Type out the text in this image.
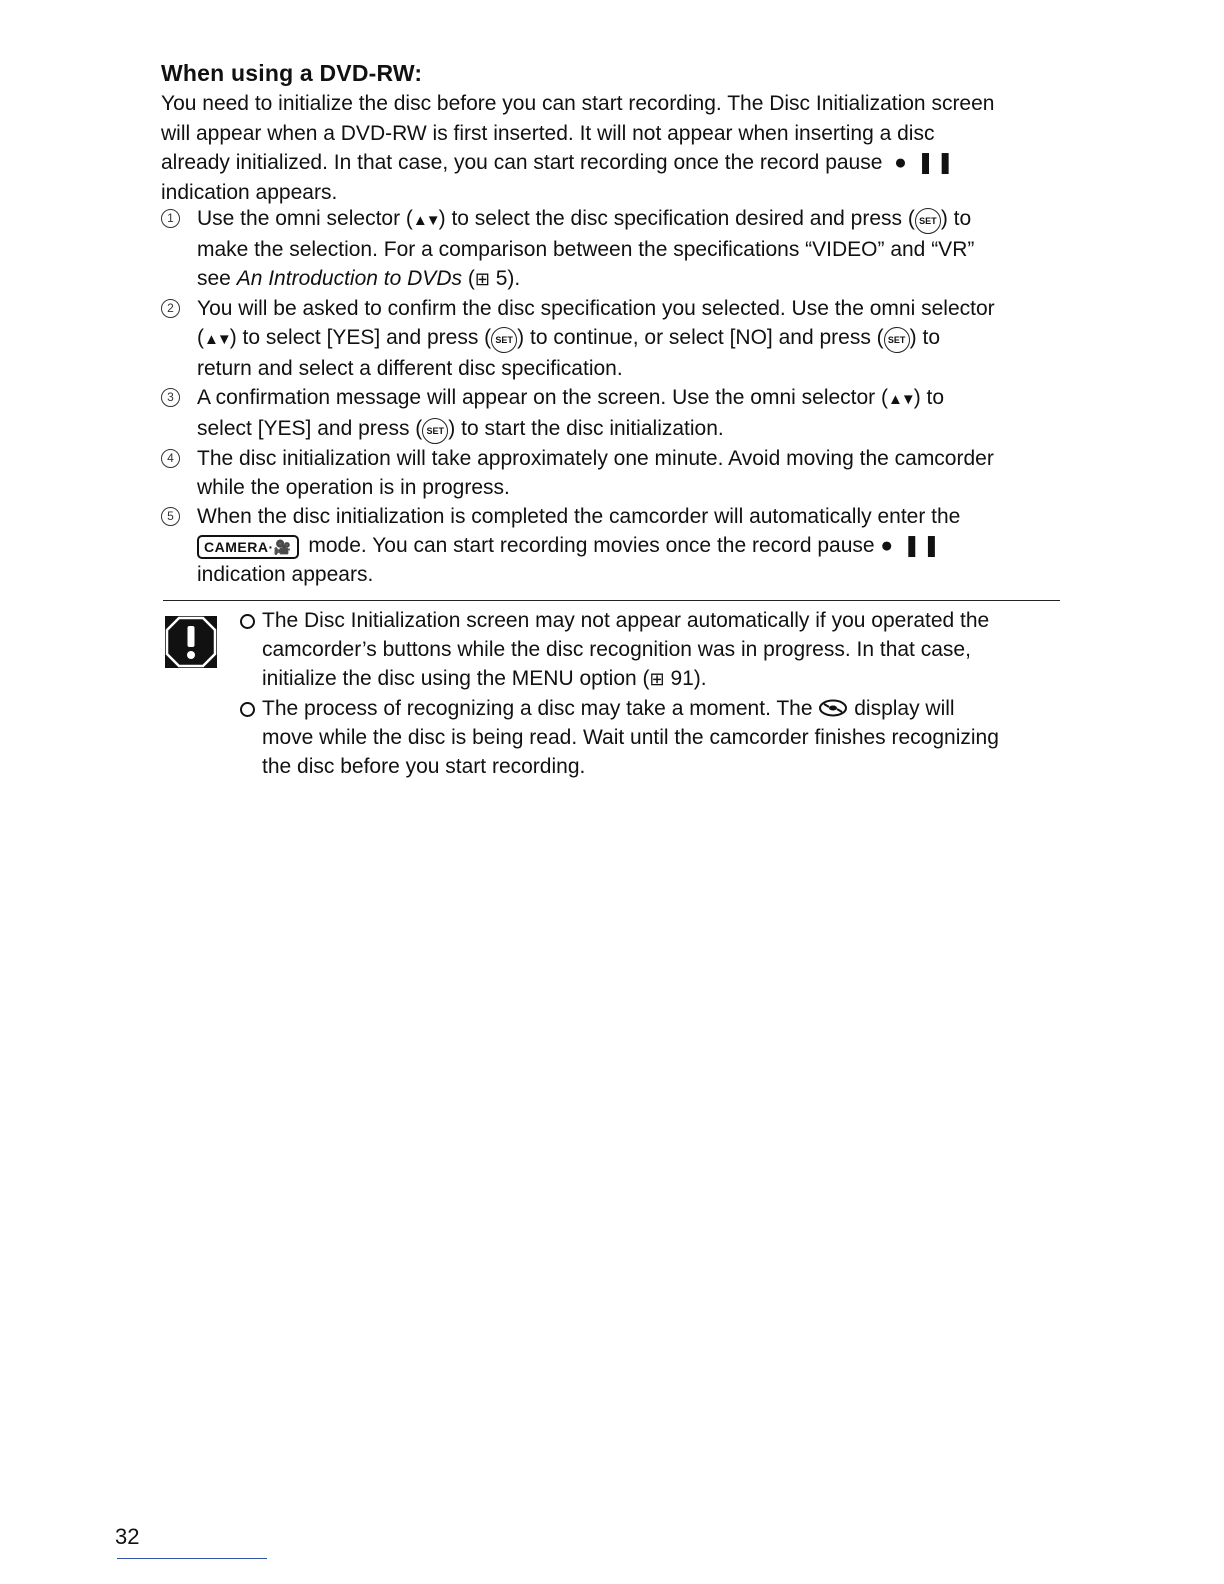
When using a DVD-RW:

You need to initialize the disc before you can start recording. The Disc Initialization screen
will appear when a DVD-RW is first inserted. It will not appear when inserting a disc
already initialized. In that case, you can start recording once the record pause ● ❚❚
indication appears.

1 Use the omni selector (▲▼) to select the disc specification desired and press ( SET ) to
make the selection. For a comparison between the specifications “VIDEO” and “VR”
see An Introduction to DVDs (⊞ 5).
2 You will be asked to confirm the disc specification you selected. Use the omni selector
(▲▼) to select [YES] and press ( SET ) to continue, or select [NO] and press ( SET ) to
return and select a different disc specification.
3 A confirmation message will appear on the screen. Use the omni selector (▲▼) to
select [YES] and press ( SET ) to start the disc initialization.
4 The disc initialization will take approximately one minute. Avoid moving the camcorder
while the operation is in progress.
5 When the disc initialization is completed the camcorder will automatically enter the
CAMERA·🎥 mode. You can start recording movies once the record pause ● ❚❚
indication appears.
The Disc Initialization screen may not appear automatically if you operated the
camcorder’s buttons while the disc recognition was in progress. In that case,
initialize the disc using the MENU option (⊞ 91).
The process of recognizing a disc may take a moment. The  display will
move while the disc is being read. Wait until the camcorder finishes recognizing
the disc before you start recording.
32
